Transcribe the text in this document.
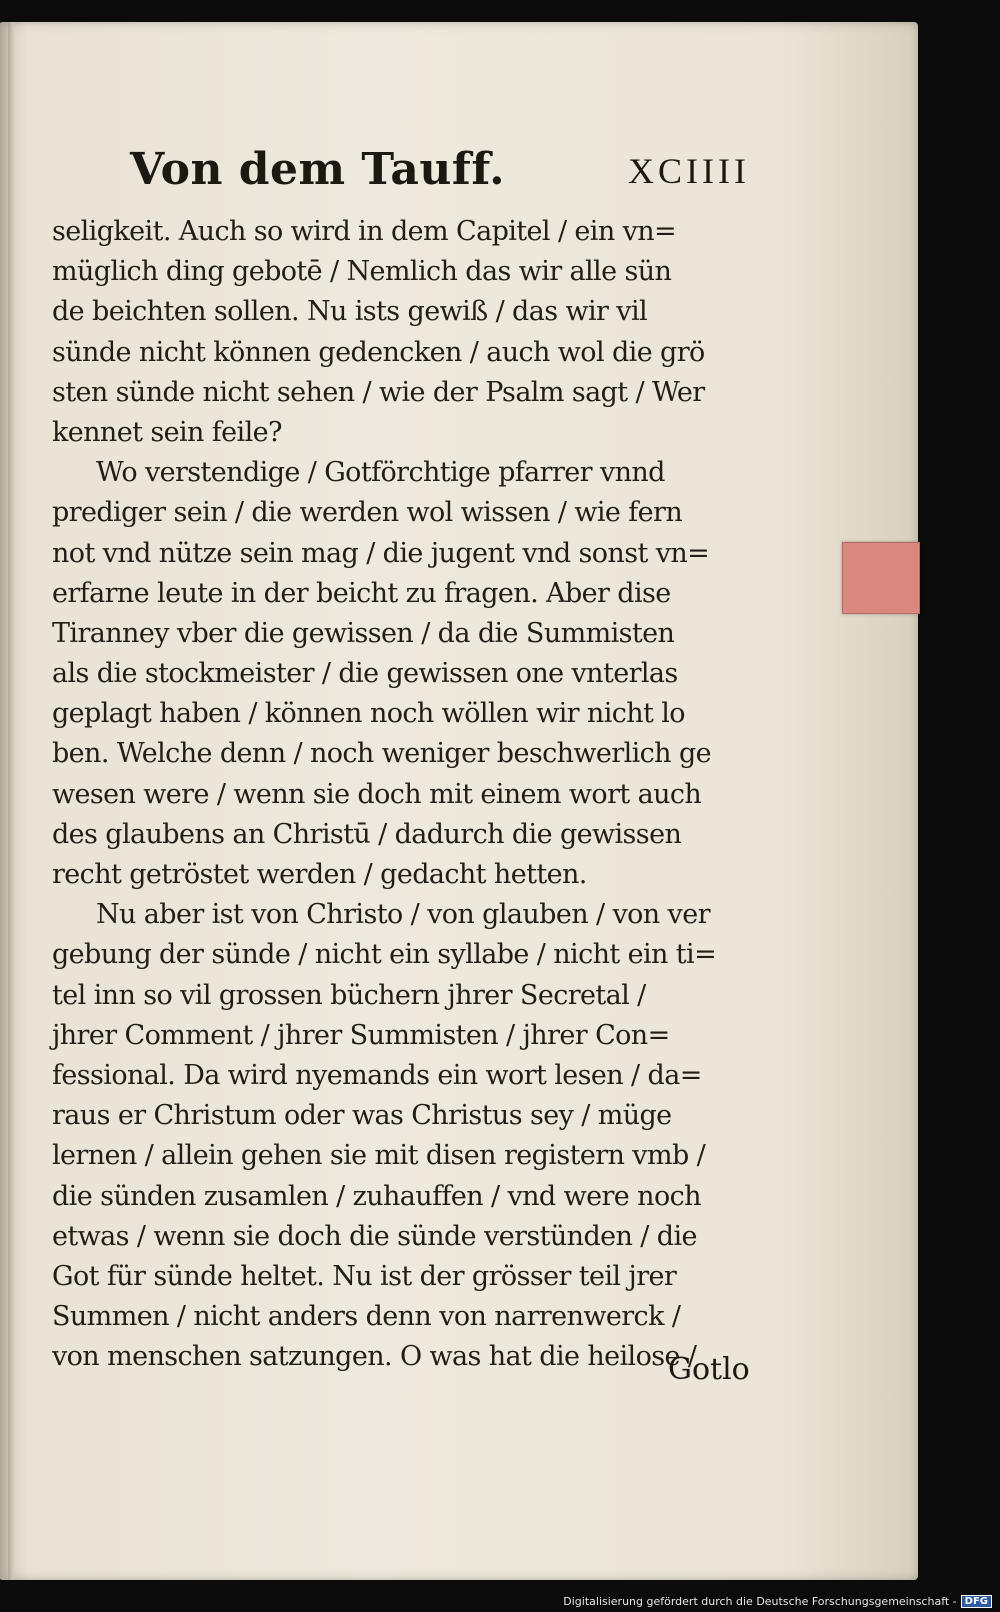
Von dem Tauff.	XCIIII
seligkeit. Auch so wird in dem Capitel / ein vn=
müglich ding gebotē / Nemlich das wir alle sün
de beichten sollen. Nu ists gewiß / das wir vil
sünde nicht können gedencken / auch wol die grö
sten sünde nicht sehen / wie der Psalm sagt / Wer
kennet sein feile?
Wo verstendige / Gotförchtige pfarrer vnnd
prediger sein / die werden wol wissen / wie fern
not vnd nütze sein mag / die jugent vnd sonst vn=
erfarne leute in der beicht zu fragen. Aber dise
Tiranney vber die gewissen / da die Summisten
als die stockmeister / die gewissen one vnterlas
geplagt haben / können noch wöllen wir nicht lo
ben. Welche denn / noch weniger beschwerlich ge
wesen were / wenn sie doch mit einem wort auch
des glaubens an Christū / dadurch die gewissen
recht getröstet werden / gedacht hetten.
Nu aber ist von Christo / von glauben / von ver
gebung der sünde / nicht ein syllabe / nicht ein ti=
tel inn so vil grossen büchern jhrer Secretal /
jhrer Comment / jhrer Summisten / jhrer Con=
fessional. Da wird nyemands ein wort lesen / da=
raus er Christum oder was Christus sey / müge
lernen / allein gehen sie mit disen registern vmb /
die sünden zusamlen / zuhauffen / vnd were noch
etwas / wenn sie doch die sünde verstünden / die
Got für sünde heltet. Nu ist der grösser teil jrer
Summen / nicht anders denn von narrenwerck /
von menschen satzungen. O was hat die heilose /
Gotlo
Digitalisierung gefördert durch die Deutsche Forschungsgemeinschaft - DFG
